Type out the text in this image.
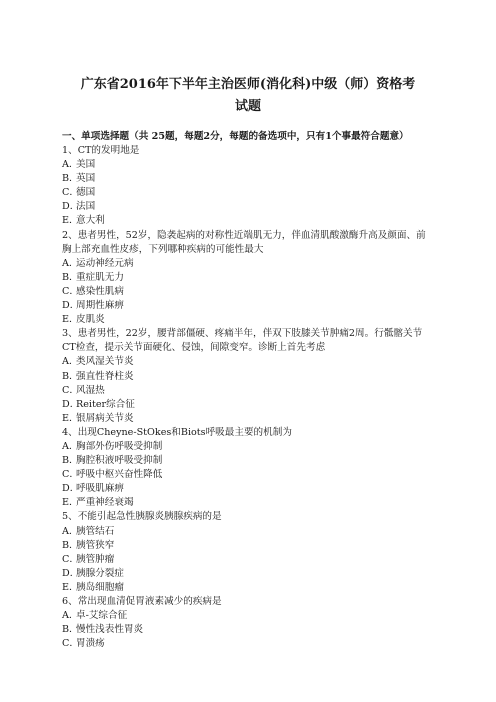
广东省2016年下半年主治医师(消化科)中级（师）资格考

试题

一、单项选择题（共 25题，每题2分，每题的备选项中，只有1个事最符合题意）

1、CT的发明地是

A．美国

B．英国

C．德国

D．法国

E．意大利

2、患者男性，52岁，隐袭起病的对称性近端肌无力，伴血清肌酸激酶升高及颜面、前胸上部充血性皮疹，下列哪种疾病的可能性最大

A．运动神经元病

B．重症肌无力

C．感染性肌病

D．周期性麻痹

E．皮肌炎

3、患者男性，22岁，腰背部僵硬、疼痛半年，伴双下肢膝关节肿痛2周。行骶髂关节 CT检查，提示关节面硬化、侵蚀，间隙变窄。诊断上首先考虑

A．类风湿关节炎

B．强直性脊柱炎

C．风湿热

D．Reiter综合征

E．银屑病关节炎

4、出现Cheyne-StOkes和Biots呼吸最主要的机制为

A．胸部外伤呼吸受抑制

B．胸腔积液呼吸受抑制

C．呼吸中枢兴奋性降低

D．呼吸肌麻痹

E．严重神经衰竭

5、不能引起急性胰腺炎胰腺疾病的是

A．胰管结石

B．胰管狭窄

C．胰管肿瘤

D．胰腺分裂症

E．胰岛细胞瘤

6、常出现血清促胃液素减少的疾病是

A．卓-艾综合征

B．慢性浅表性胃炎

C．胃溃疡
